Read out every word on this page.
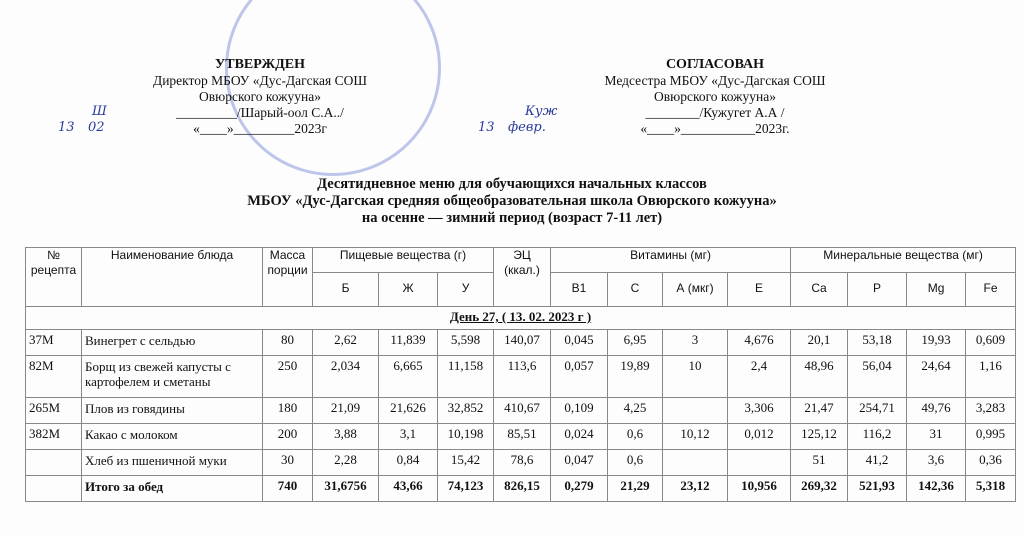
УТВЕРЖДЕН
Директор МБОУ «Дус-Дагская СОШ
Овюрского кожууна»
_________/Шарый-оол С.А../
«____»_________2023г
Ш
13 02
СОГЛАСОВАН
Медсестра МБОУ «Дус-Дагская СОШ
Овюрского кожууна»
________/Кужугет А.А /
«____»___________2023г.
Куж
13 февр.
Десятидневное меню для обучающихся начальных классов
МБОУ «Дус-Дагская средняя общеобразовательная школа Овюрского кожууна»
на осенне — зимний период (возраст 7-11 лет)
№ рецепта	Наименование блюда	Масса порции	Пищевые вещества (г)			ЭЦ (ккал.)	Витамины (мг)				Минеральные вещества (мг)			
			Б	Ж	У		B1	C	А (мкг)	E	Ca	P	Mg	Fe
День 27, ( 13. 02. 2023 г )														
37М	Винегрет с сельдью	80	2,62	11,839	5,598	140,07	0,045	6,95	3	4,676	20,1	53,18	19,93	0,609
82М	Борщ из свежей капусты с картофелем и сметаны	250	2,034	6,665	11,158	113,6	0,057	19,89	10	2,4	48,96	56,04	24,64	1,16
265М	Плов из говядины	180	21,09	21,626	32,852	410,67	0,109	4,25		3,306	21,47	254,71	49,76	3,283
382М	Какао с молоком	200	3,88	3,1	10,198	85,51	0,024	0,6	10,12	0,012	125,12	116,2	31	0,995
	Хлеб из пшеничной муки	30	2,28	0,84	15,42	78,6	0,047	0,6			51	41,2	3,6	0,36
	Итого за обед	740	31,6756	43,66	74,123	826,15	0,279	21,29	23,12	10,956	269,32	521,93	142,36	5,318
